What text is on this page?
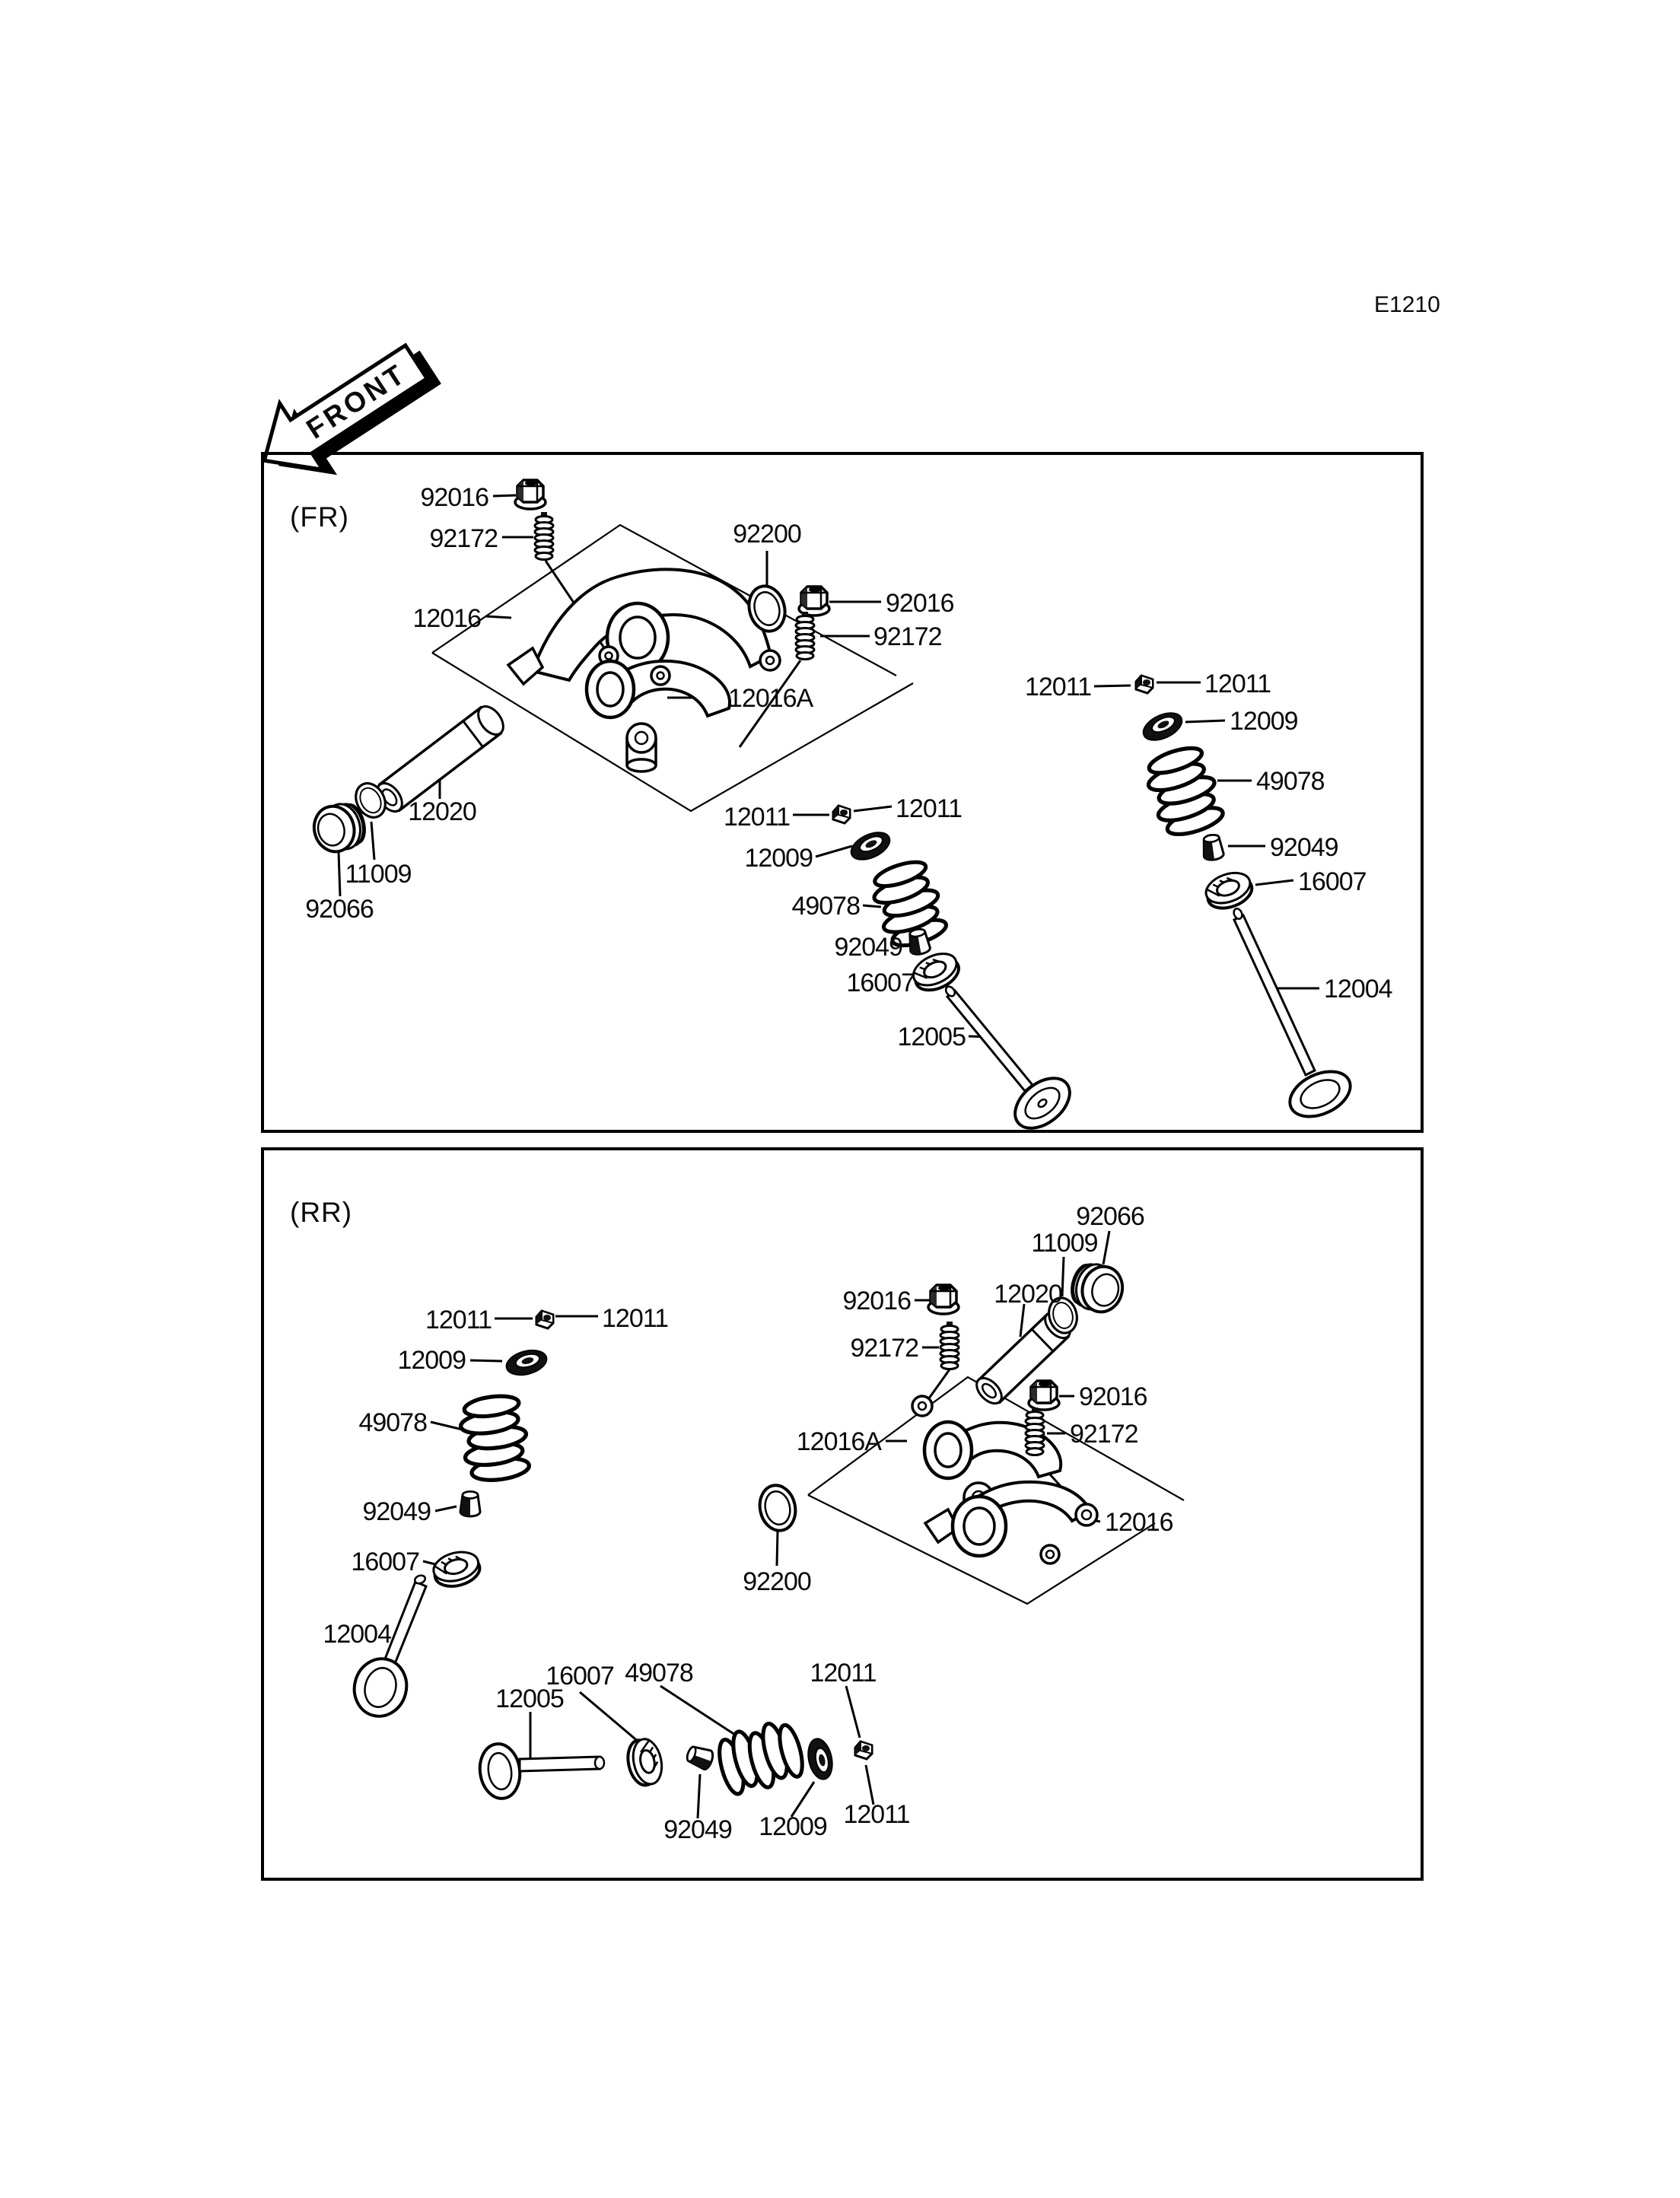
E1210
FRONT
(FR)
92016
92172
12016
92200
92016
92172
12016A
12020
11009
92066
12011	12011
12009
49078
92049
16007
12005
12011	12011
12009
49078
92049
16007
12004
(RR)
12011	12011
12009
49078
92049
16007
12004
12005
16007 49078	12011
92049 12009 12011
92200
92066
11009
12020
92016
92172
92016
92172
12016A
12016
